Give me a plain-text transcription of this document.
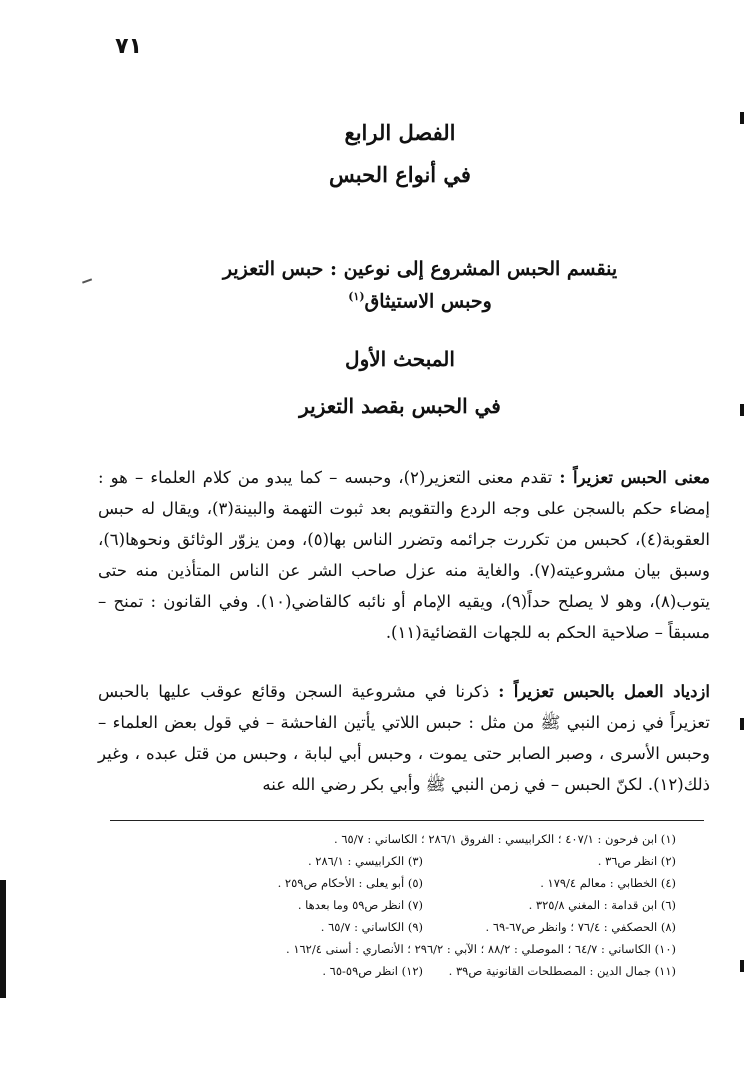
٧١
الفصل الرابع
في أنواع الحبس
ينقسم الحبس المشروع إلى نوعين : حبس التعزير
وحبس الاستيثاق$^{(١)}$
المبحث الأول
في الحبس بقصد التعزير

معنى الحبس تعزيراً : تقدم معنى التعزير(٢)، وحبسه – كما يبدو من كلام العلماء – هو : إمضاء حكم بالسجن على وجه الردع والتقويم بعد ثبوت التهمة والبينة(٣)، ويقال له حبس العقوبة(٤)، كحبس من تكررت جرائمه وتضرر الناس بها(٥)، ومن يزوّر الوثائق ونحوها(٦)، وسبق بيان مشروعيته(٧). والغاية منه عزل صاحب الشر عن الناس المتأذين منه حتى يتوب(٨)، وهو لا يصلح حداً(٩)، ويقيه الإمام أو نائبه كالقاضي(١٠). وفي القانون : تمنح – مسبقاً – صلاحية الحكم به للجهات القضائية(١١).

ازدياد العمل بالحبس تعزيراً : ذكرنا في مشروعية السجن وقائع عوقب عليها بالحبس تعزيراً في زمن النبي ﷺ من مثل : حبس اللاتي يأتين الفاحشة – في قول بعض العلماء – وحبس الأسرى ، وصبر الصابر حتى يموت ، وحبس أبي لبابة ، وحبس من قتل عبده ، وغير ذلك(١٢). لكنّ الحبس – في زمن النبي ﷺ وأبي بكر رضي الله عنه

(١) ابن فرحون : ٤٠٧/١ ؛ الكرابيسي : الفروق ٢٨٦/١ ؛ الكاساني : ٦٥/٧ .
(٢) انظر ص٣٦ .
(٣) الكرابيسي : ٢٨٦/١ .
(٤) الخطابي : معالم ١٧٩/٤ .
(٥) أبو يعلى : الأحكام ص٢٥٩ .
(٦) ابن قدامة : المغني ٣٢٥/٨ .
(٧) انظر ص٥٩ وما بعدها .
(٨) الحصكفي : ٧٦/٤ ؛ وانظر ص٦٧-٦٩ .
(٩) الكاساني : ٦٥/٧ .
(١٠) الكاساني : ٦٤/٧ ؛ الموصلي : ٨٨/٢ ؛ الآبي : ٢٩٦/٢ ؛ الأنصاري : أسنى ١٦٢/٤ .
(١١) جمال الدين : المصطلحات القانونية ص٣٩ .
(١٢) انظر ص٥٩-٦٥ .
